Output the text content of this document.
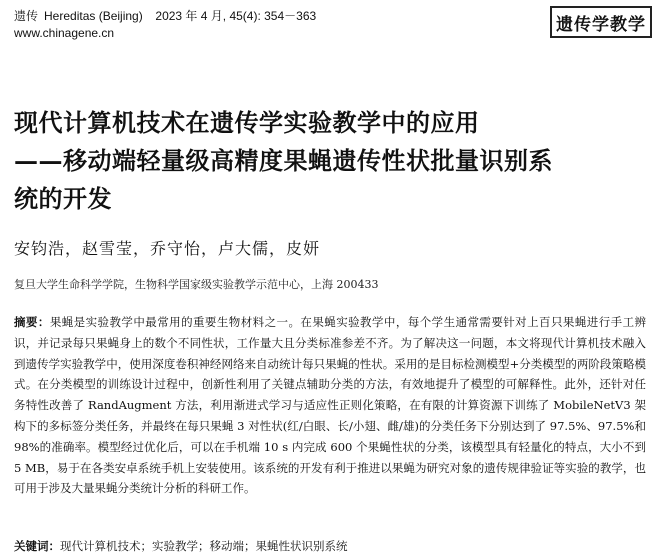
遗传 Hereditas (Beijing) 2023 年 4 月, 45(4): 354－363
www.chinagene.cn	遗传学教学
现代计算机技术在遗传学实验教学中的应用
——移动端轻量级高精度果蝇遗传性状批量识别系
统的开发
安钧浩，赵雪莹，乔守怡，卢大儒，皮妍
复旦大学生命科学学院，生物科学国家级实验教学示范中心，上海 200433
摘要：果蝇是实验教学中最常用的重要生物材料之一。在果蝇实验教学中，每个学生通常需要针对上百只果蝇进行手工辨识，并记录每只果蝇身上的数个不同性状，工作量大且分类标准参差不齐。为了解决这一问题，本文将现代计算机技术融入到遗传学实验教学中，使用深度卷积神经网络来自动统计每只果蝇的性状。采用的是目标检测模型+分类模型的两阶段策略模式。在分类模型的训练设计过程中，创新性利用了关键点辅助分类的方法，有效地提升了模型的可解释性。此外，还针对任务特性改善了 RandAugment 方法，利用渐进式学习与适应性正则化策略，在有限的计算资源下训练了 MobileNetV3 架构下的多标签分类任务，并最终在每只果蝇 3 对性状(红/白眼、长/小翅、雌/雄)的分类任务下分别达到了 97.5%、97.5%和98%的准确率。模型经过优化后，可以在手机端 10 s 内完成 600 个果蝇性状的分类，该模型具有轻量化的特点，大小不到 5 MB，易于在各类安卓系统手机上安装使用。该系统的开发有利于推进以果蝇为研究对象的遗传规律验证等实验的教学，也可用于涉及大量果蝇分类统计分析的科研工作。
关键词：现代计算机技术；实验教学；移动端；果蝇性状识别系统
